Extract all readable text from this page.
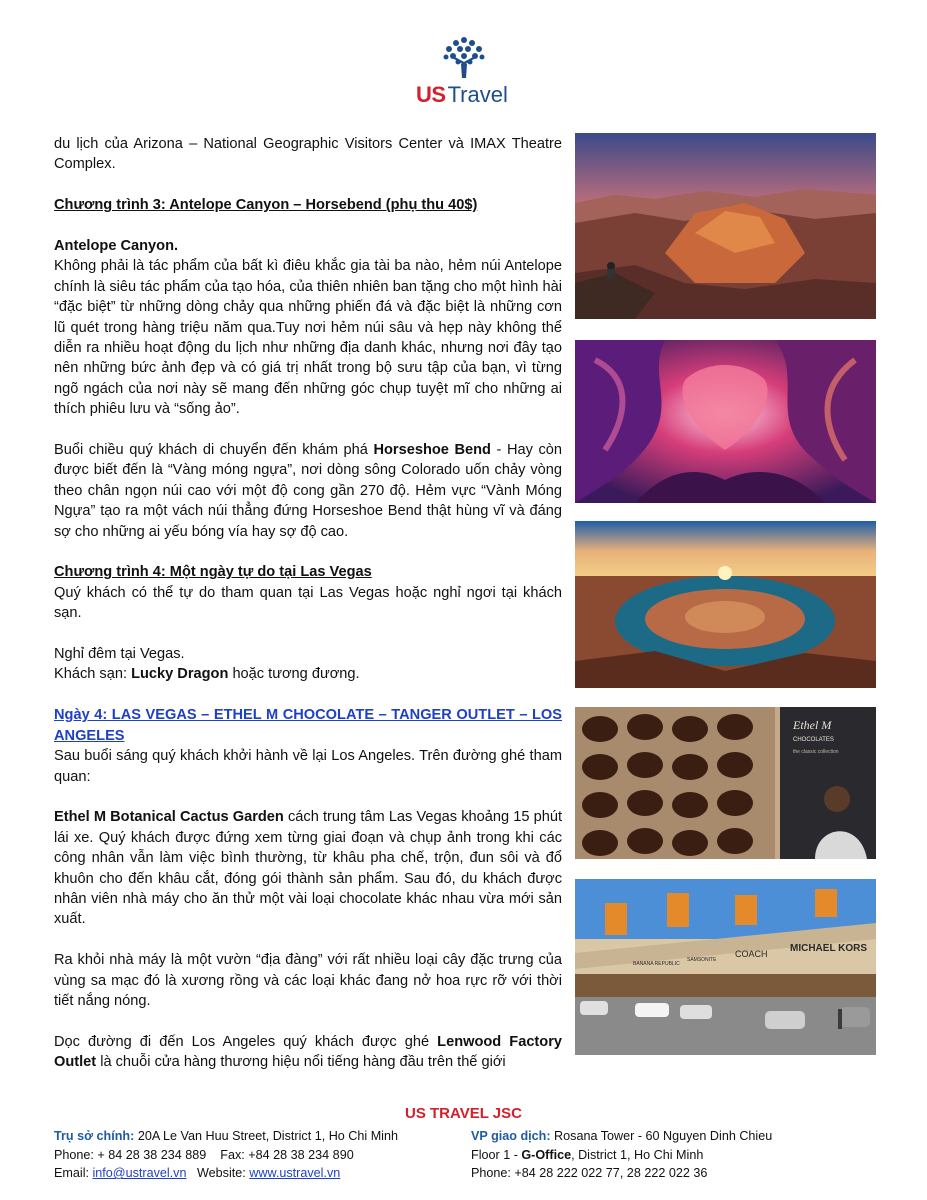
USTravel

du lịch của Arizona – National Geographic Visitors Center và IMAX Theatre Complex.

Chương trình 3: Antelope Canyon – Horsebend (phụ thu 40$)

Antelope Canyon.

Không phải là tác phẩm của bất kì điêu khắc gia tài ba nào, hẻm núi Antelope chính là siêu tác phẩm của tạo hóa, của thiên nhiên ban tặng cho một hình hài “đặc biệt” từ những dòng chảy qua những phiến đá và đặc biệt là những cơn lũ quét trong hàng triệu năm qua.Tuy nơi hẻm núi sâu và hẹp này không thể diễn ra nhiều hoạt động du lịch như những địa danh khác, nhưng nơi đây tạo nên những bức ảnh đẹp và có giá trị nhất trong bộ sưu tập của bạn, vì từng ngõ ngách của nơi này sẽ mang đến những góc chụp tuyệt mĩ cho những ai thích phiêu lưu và “sống ảo”.

Buổi chiều quý khách di chuyển đến khám phá Horseshoe Bend - Hay còn được biết đến là “Vàng móng ngựa”, nơi dòng sông Colorado uốn chảy vòng theo chân ngọn núi cao với một độ cong gần 270 độ. Hẻm vực “Vành Móng Ngựa” tạo ra một vách núi thẳng đứng Horseshoe Bend thật hùng vĩ và đáng sợ cho những ai yếu bóng vía hay sợ độ cao.

Chương trình 4: Một ngày tự do tại Las Vegas

Quý khách có thể tự do tham quan tại Las Vegas hoặc nghỉ ngơi tại khách sạn.

Nghỉ đêm tại Vegas.

Khách sạn: Lucky Dragon hoặc tương đương.

Ngày 4: LAS VEGAS – ETHEL M CHOCOLATE – TANGER OUTLET – LOS ANGELES

Sau buổi sáng quý khách khởi hành về lại Los Angeles. Trên đường ghé tham quan:

Ethel M Botanical Cactus Garden cách trung tâm Las Vegas khoảng 15 phút lái xe. Quý khách được đứng xem từng giai đoạn và chụp ảnh trong khi các công nhân vẫn làm việc bình thường, từ khâu pha chế, trộn, đun sôi và đổ khuôn cho đến khâu cắt, đóng gói thành sản phẩm. Sau đó, du khách được nhân viên nhà máy cho ăn thử một vài loại chocolate khác nhau vừa mới sản xuất.

Ra khỏi nhà máy là một vườn “địa đàng” với rất nhiều loại cây đặc trưng của vùng sa mạc đó là xương rồng và các loại khác đang nở hoa rực rỡ với thời tiết nắng nóng.

Dọc đường đi đến Los Angeles quý khách được ghé Lenwood Factory Outlet là chuỗi cửa hàng thương hiệu nổi tiếng hàng đầu trên thế giới

Ethel M
CHOCOLATES
the classic collection
MICHAEL KORS
COACH
SAMSONITE
BANANA REPUBLIC
US TRAVEL JSC
Trụ sở chính: 20A Le Van Huu Street, District 1, Ho Chi Minh
Phone: + 84 28 38 234 889    Fax: +84 28 38 234 890
Email: info@ustravel.vn   Website: www.ustravel.vn
VP giao dịch: Rosana Tower - 60 Nguyen Dinh Chieu
Floor 1 - G-Office, District 1, Ho Chi Minh
Phone: +84 28 222 022 77, 28 222 022 36
